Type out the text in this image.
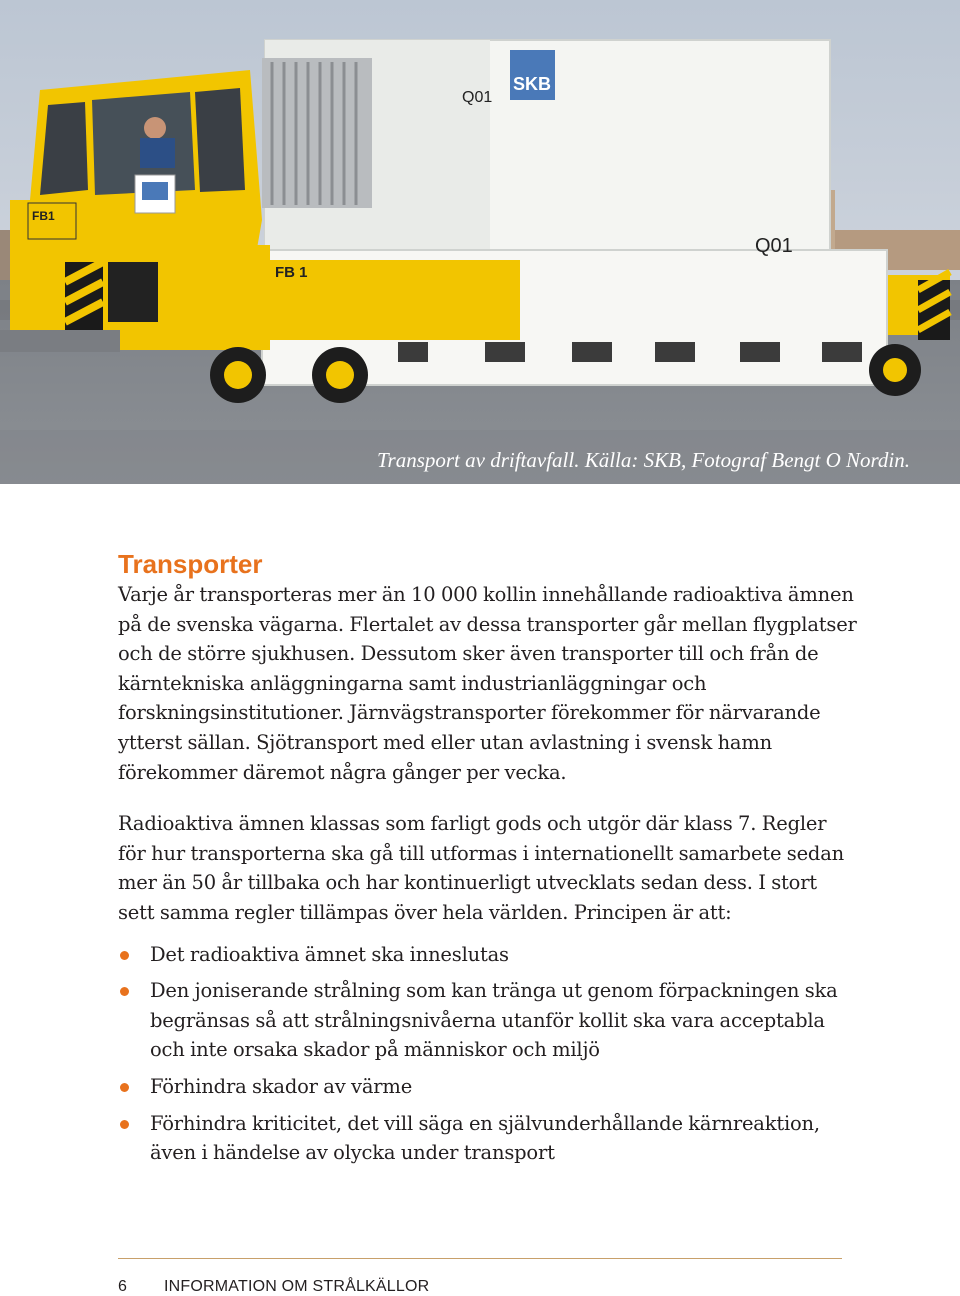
SKB
Q01
Q01
FB1
FB 1
Transport av driftavfall. Källa: SKB, Fotograf Bengt O Nordin.
Transporter

Varje år transporteras mer än 10 000 kollin innehållande radioaktiva ämnen på de svenska vägarna. Flertalet av dessa transporter går mellan flygplatser och de större sjukhusen. Dessutom sker även transporter till och från de kärntekniska anläggningarna samt industrianläggningar och forskningsinstitutioner. Järnvägstransporter förekommer för närvarande ytterst sällan. Sjötransport med eller utan avlastning i svensk hamn förekommer däremot några gånger per vecka.

Radioaktiva ämnen klassas som farligt gods och utgör där klass 7. Regler för hur transporterna ska gå till utformas i internationellt samarbete sedan mer än 50 år tillbaka och har kontinuerligt utvecklats sedan dess. I stort sett samma regler tillämpas över hela världen. Principen är att:

Det radioaktiva ämnet ska inneslutas
Den joniserande strålning som kan tränga ut genom förpackningen ska begränsas så att strålningsnivåerna utanför kollit ska vara acceptabla och inte orsaka skador på människor och miljö
Förhindra skador av värme
Förhindra kriticitet, det vill säga en självunderhållande kärnreaktion, även i händelse av olycka under transport
6 INFORMATION OM STRÅLKÄLLOR
